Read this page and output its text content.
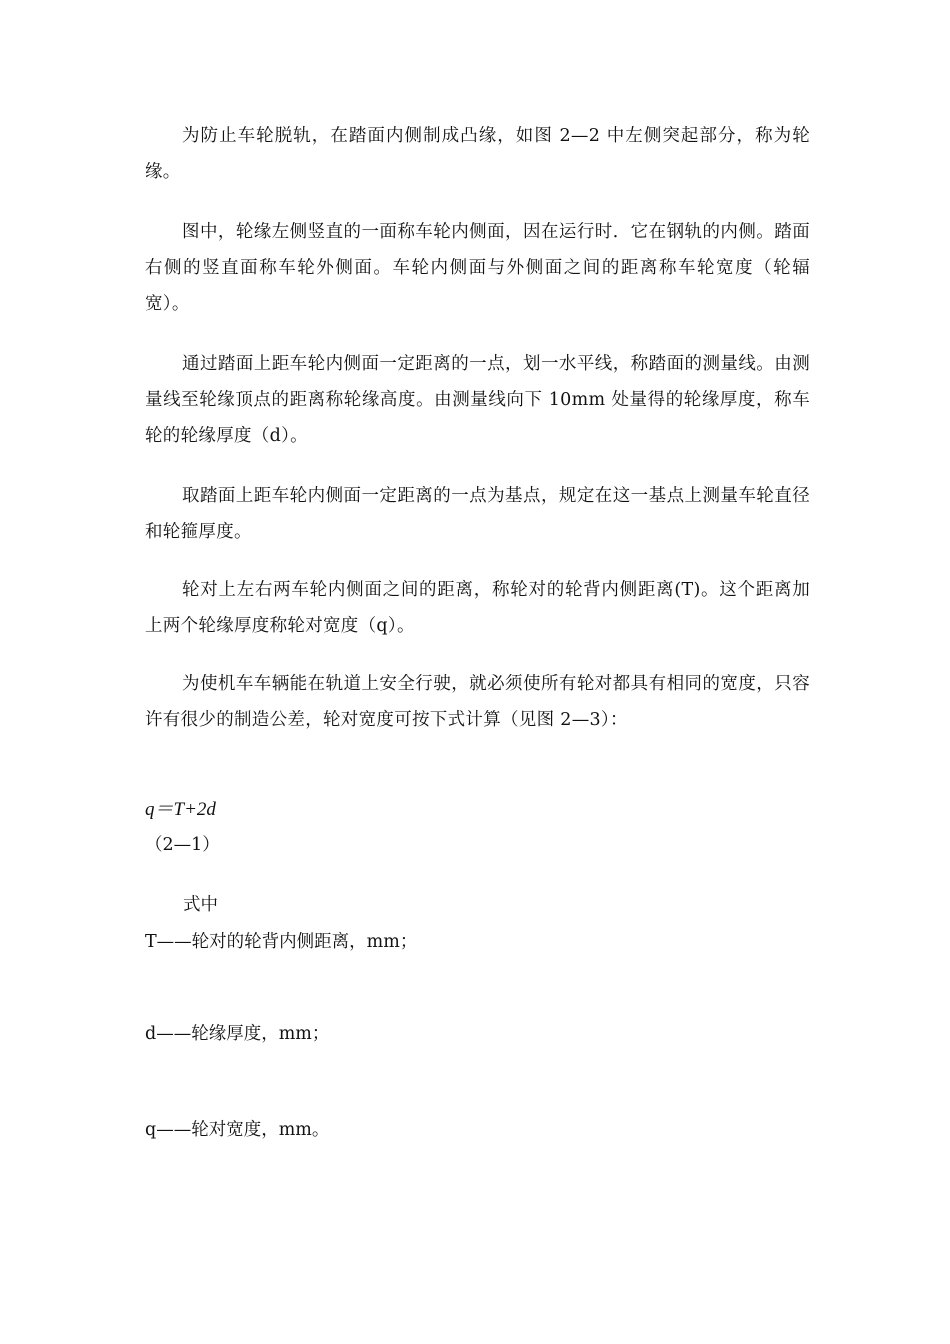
为防止车轮脱轨，在踏面内侧制成凸缘，如图 2—2 中左侧突起部分，称为轮缘。

图中，轮缘左侧竖直的一面称车轮内侧面，因在运行时．它在钢轨的内侧。踏面右侧的竖直面称车轮外侧面。车轮内侧面与外侧面之间的距离称车轮宽度（轮辐宽）。

通过踏面上距车轮内侧面一定距离的一点，划一水平线，称踏面的测量线。由测量线至轮缘顶点的距离称轮缘高度。由测量线向下 10mm 处量得的轮缘厚度，称车轮的轮缘厚度（d）。

取踏面上距车轮内侧面一定距离的一点为基点，规定在这一基点上测量车轮直径和轮箍厚度。

轮对上左右两车轮内侧面之间的距离，称轮对的轮背内侧距离(T)。这个距离加上两个轮缘厚度称轮对宽度（q）。

为使机车车辆能在轨道上安全行驶，就必须使所有轮对都具有相同的宽度，只容许有很少的制造公差，轮对宽度可按下式计算（见图 2—3）：

q＝T+2d

（2—1）

式中

T——轮对的轮背内侧距离，mm；

d——轮缘厚度，mm；

q——轮对宽度，mm。
